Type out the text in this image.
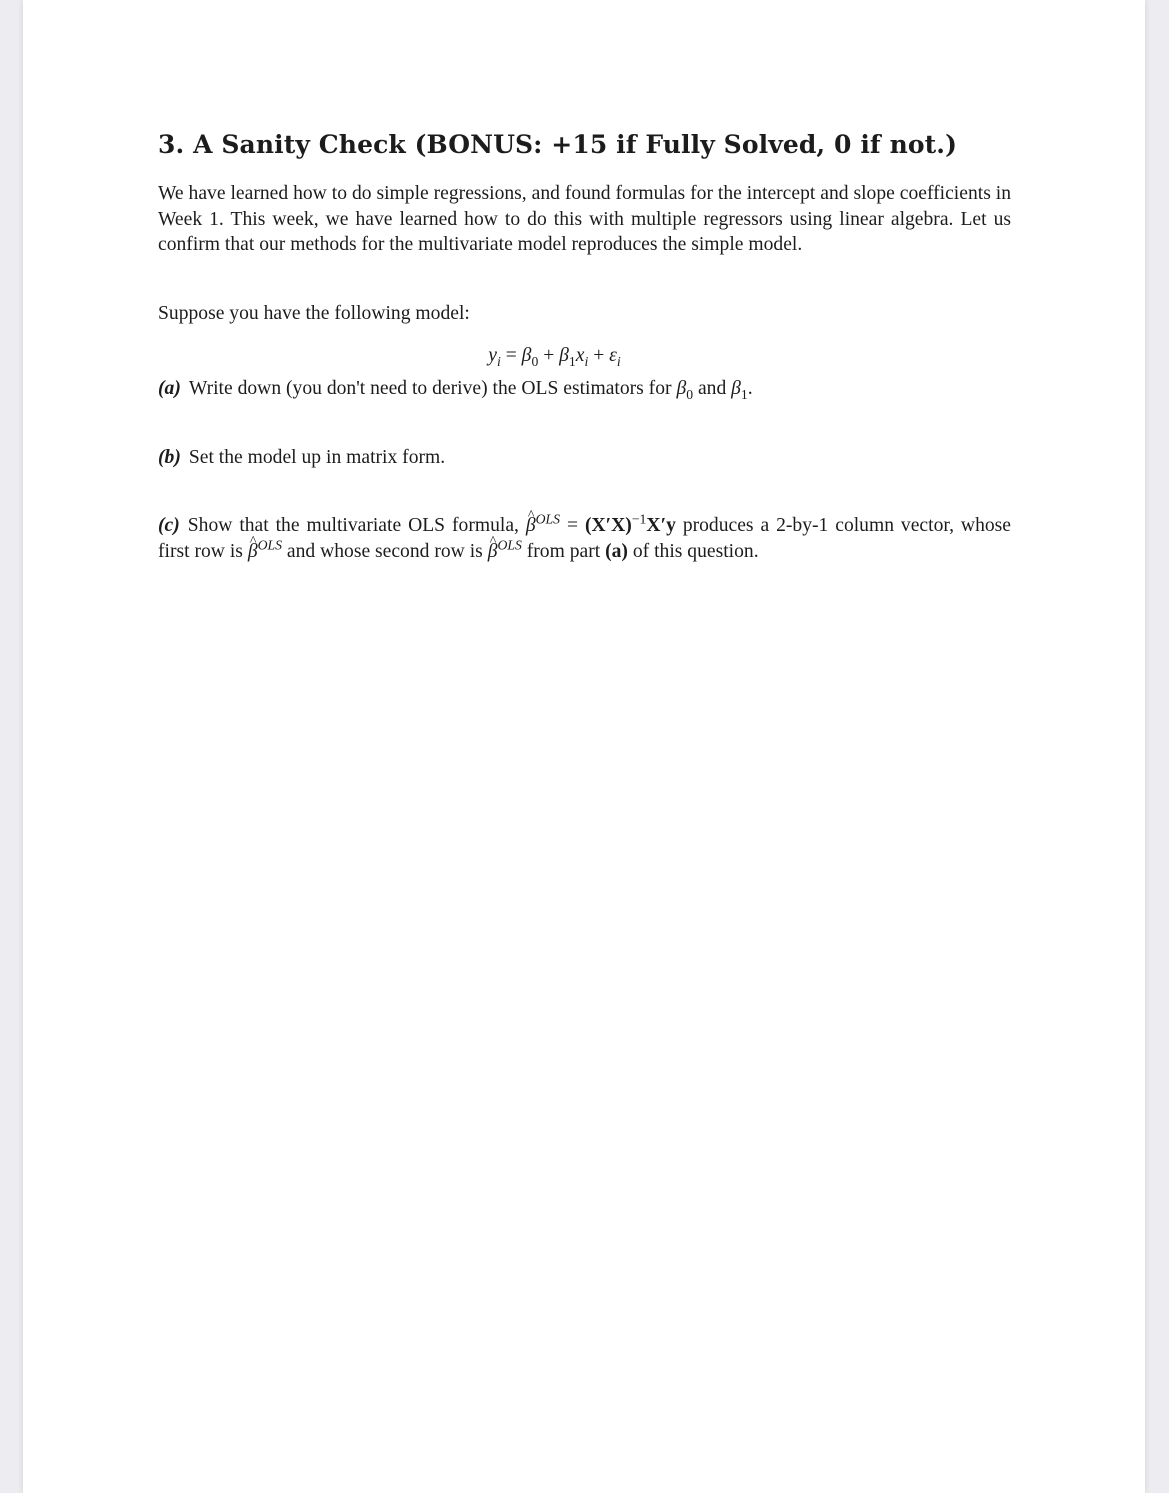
3. A Sanity Check (BONUS: +15 if Fully Solved, 0 if not.)

We have learned how to do simple regressions, and found formulas for the intercept and slope coefficients in Week 1. This week, we have learned how to do this with multiple regressors using linear algebra. Let us confirm that our methods for the multivariate model reproduces the simple model.

Suppose you have the following model:

$y_i = \beta_0 + \beta_1x_i + \varepsilon_i$

(a) Write down (you don't need to derive) the OLS estimators for $\beta_0$ and $\beta_1$.

(b) Set the model up in matrix form.

(c) Show that the multivariate OLS formula, ^ $\beta^{OLS} = (X'X)^{-1}X'y$ produces a 2-by-1 column vector, whose first row is ^ $\beta^{OLS}$ and whose second row is ^ $\beta^{OLS}$ from part (a) of this question.
